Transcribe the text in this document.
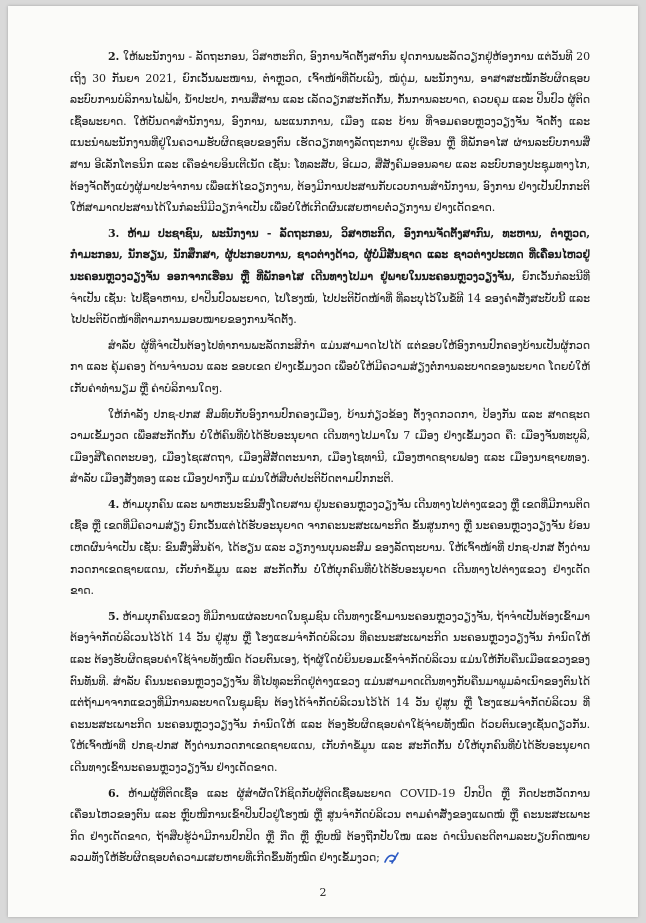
2. ໃຫ້ພະນັກງານ - ລັດຖະກອນ, ວິສາຫະກິດ, ອົງການຈັດຕັ້ງສາກົນ ຢຸດການພະລັດວຽກຢູ່ຫ້ອງການ ແຕ່ວັນທີ 20 ເຖິງ 30 ກັນຍາ 2021, ຍົກເວັ້ນພະໜານ, ຕຳຫຼວດ, ເຈົ້າໜ້າທີ່ດັບເພີງ, ໝໍດູ່ມ, ພະນັກງານ, ອາສາສະໝັກຮັບຜິດຊອບລະບົບການບໍລິການໄຟຟ້າ, ນ້ຳປະປາ, ການສື່ສານ ແລະ ເລັດວຽກສະກັດກັ້ນ, ກັ້ນການລະບາດ, ຄວບຄຸມ ແລະ ປິ່ນປົວ ຜູ້ຕິດເຊື້ອພະຍາດ. ໃຫ້ບັນດາສຳນັກງານ, ອົງການ, ພະແນກການ, ເມືອງ ແລະ ບ້ານ ທີ່ຈອມຄອບຫຼວງວຽງຈັນ ຈັດຕັ້ງ ແລະ ແນະນຳພະນັກງານທີ່ຢູ່ໃນຄວາມຮັບຜິດຊອບຂອງຕົນ ເຮັດວຽກທາງລັດຖະການ ຢູ່ເຮືອນ ຫຼື ທີ່ພັກອາໄສ ຜ່ານລະບົບການສື່ສານ ອີເລັກໂຕຣນິກ ແລະ ເຄືອຂ່າຍອິນເຕີເນັດ ເຊັ່ນ: ໂທລະສັບ, ອີເມວ, ສື່ສັງຄົມອອນລາຍ ແລະ ລະບົບກອງປະຊຸມທາງໄກ, ຕ້ອງຈັດຕັ້ງແບ່ງຜູ້ມາປະຈຳການ ເພື່ອແກ້ໄຂວຽກງານ, ຕ້ອງມີການປະສານກັບເວບການສຳນັກງານ, ອົງການ ຢ່າງເປັນປົກກະຕິ ໃຫ້ສາມາດປະສານໄດ້ໃນກໍລະນີມີວຽກຈຳເປັນ ເພື່ອບໍ່ໃຫ້ເກີດຜົນເສຍຫາຍຕໍ່ວຽກງານ ຢ່າງເດັດຂາດ.

3. ຫ້າມ ປະຊາຊົນ, ພະນັກງານ - ລັດຖະກອນ, ວິສາຫະກິດ, ອົງການຈັດຕັ້ງສາກົນ, ທະຫານ, ຕຳຫຼວດ, ກຳມະກອນ, ນັກຮຽນ, ນັກສຶກສາ, ຜູ້ປະກອບການ, ຊາວຕ່າງດ້າວ, ຜູ້ບໍ່ມີສັນຊາດ ແລະ ຊາວຕ່າງປະເທດ ທີ່ເຄື່ອນໄຫວຢູ່ນະຄອນຫຼວງວຽງຈັນ ອອກຈາກເຮືອນ ຫຼື ທີ່ພັກອາໄສ ເດີນທາງໄປມາ ຢູ່ພາຍໃນນະຄອນຫຼວງວຽງຈັນ, ຍົກເວັ້ນກໍລະນີທີ່ຈຳເປັນ ເຊັ່ນ: ໄປຊື້ອາຫານ, ຢາປິ່ນປົວພະຍາດ, ໄປໂຮງໝໍ, ໄປປະຕິບັດໜ້າທີ່ ທີ່ລະບຸໄວ້ໃນຂໍ້ທີ 14 ຂອງຄຳສັ່ງສະບັບນີ້ ແລະ ໄປປະຕິບັດໜ້າທີ່ຕາມການມອບໝາຍຂອງການຈັດຕັ້ງ.

ສຳລັບ ຜູ້ທີ່ຈຳເປັນຕ້ອງໄປທຳການພະລັດກະສິກຳ ແມ່ນສາມາດໄປໄດ້ ແຕ່ຂອບໃຫ້ອົງການປົກຄອງບ້ານເປັນຜູ້ກວດກາ ແລະ ຄຸ້ມຄອງ ດ້ານຈຳນວນ ແລະ ຂອບເຂດ ຢ່າງເຂັ້ມງວດ ເພື່ອບໍ່ໃຫ້ມີຄວາມສ່ຽງຕໍ່ການລະບາດຂອງພະຍາດ ໂດຍບໍ່ໃຫ້ເກັບຄ່າທຳນຽມ ຫຼື ຄ່າບໍລິການໃດໆ.

ໃຫ້ກຳລັງ ປກຊ-ປກສ ສົມທົບກັບອົງການປົກຄອງເມືອງ, ບ້ານກ່ຽວຂ້ອງ ຕັ້ງຈຸດກວດກາ, ປ້ອງກັນ ແລະ ສາດຊະດວາມເຂັ້ມງວດ ເພື່ອສະກັດກັ້ນ ບໍ່ໃຫ້ຄົນທີ່ບໍ່ໄດ້ຮັບອະນຸຍາດ ເດີນທາງໄປມາໃນ 7 ເມືອງ ຢ່າງເຂັ້ມງວດ ຄື: ເມືອງຈັນທະບູລີ, ເມືອງສີໂຄດຕະບອງ, ເມືອງໄຊເສດຖາ, ເມືອງສີສັດຕະນາກ, ເມືອງໄຊທານີ, ເມືອງຫາດຊາຍຟອງ ແລະ ເມືອງນາຊາຍທອງ. ສຳລັບ ເມືອງສັງທອງ ແລະ ເມືອງປາກງື່ມ ແມ່ນໃຫ້ສືບຕໍ່ປະຕິບັດຕາມປົກກະຕິ.

4. ຫ້າມບຸກຄົນ ແລະ ພາຫະນະຂົນສົ່ງໂດຍສານ ຢູ່ນະຄອນຫຼວງວຽງຈັນ ເດີນທາງໄປຕ່າງແຂວງ ຫຼື ເຂດທີ່ມີການຕິດເຊື້ອ ຫຼື ເຂດທີ່ມີຄວາມສ່ຽງ ຍົກເວັ້ນແຕ່ໄດ້ຮັບອະນຸຍາດ ຈາກຄະນະສະເພາະກິດ ຂັ້ນສູນກາງ ຫຼື ນະຄອນຫຼວງວຽງຈັນ ຍ້ອນເຫດຜົນຈຳເປັນ ເຊັ່ນ: ຂົນສົ່ງສິນຄ້າ, ໄດ້ຮຽນ ແລະ ວຽກງານບຸນລະສົມ ຂອງລັດຖະບານ. ໃຫ້ເຈົ້າໜ້າທີ່ ປກຊ-ປກສ ຕັ້ງດ່ານກວດກາເຂດຊາຍແດນ, ເກັບກຳຂໍ້ມູນ ແລະ ສະກັດກັ້ນ ບໍ່ໃຫ້ບຸກຄົນທີ່ບໍ່ໄດ້ຮັບອະນຸຍາດ ເດີນທາງໄປຕ່າງແຂວງ ຢ່າງເດັດຂາດ.

5. ຫ້າມບຸກຄົນແຂວງ ທີ່ມີການແຜ່ລະບາດໃນຊຸມຊົນ ເດີນທາງເຂົ້າມານະຄອນຫຼວງວຽງຈັນ, ຖ້າຈຳເປັນຕ້ອງເຂົ້າມາ ຕ້ອງຈຳກັດບໍລິເວນໄວ້ໄດ້ 14 ວັນ ຢູ່ສູນ ຫຼື ໂຮງແຮມຈຳກັດບໍລິເວນ ທີ່ຄະນະສະເພາະກິດ ນະຄອນຫຼວງວຽງຈັນ ກຳນົດໃຫ້ ແລະ ຕ້ອງຮັບຜິດຊອບຄ່າໃຊ້ຈ່າຍທັງໝົດ ດ້ວຍຕົນເອງ, ຖ້າຜູ້ໃດບໍ່ຍິນຍອມເຂົ້າຈຳກັດບໍລິເວນ ແມ່ນໃຫ້ກັບຄືນເມືອແຂວງຂອງຕົນທັນທີ. ສຳລັບ ຄົນນະຄອນຫຼວງວຽງຈັນ ທີ່ໄປທຸລະກິດຢູ່ຕ່າງແຂວງ ແມ່ນສາມາດເດີນທາງກັບຄືນມາພູມລຳເນົາຂອງຕົນໄດ້ ແຕ່ຖ້າມາຈາກແຂວງທີ່ມີການລະບາດໃນຊຸມຊົນ ຕ້ອງໄດ້ຈຳກັດບໍລິເວນໄວ້ໄດ້ 14 ວັນ ຢູ່ສູນ ຫຼື ໂຮງແຮມຈຳກັດບໍລິເວນ ທີ່ຄະນະສະເພາະກິດ ນະຄອນຫຼວງວຽງຈັນ ກຳນົດໃຫ້ ແລະ ຕ້ອງຮັບຜິດຊອບຄ່າໃຊ້ຈ່າຍທັງໝົດ ດ້ວຍຕົນເອງເຊັ່ນດຽວກັນ. ໃຫ້ເຈົ້າໜ້າທີ່ ປກຊ-ປກສ ຕັ້ງດ່ານກວດກາເຂດຊາຍແດນ, ເກັບກຳຂໍ້ມູນ ແລະ ສະກັດກັ້ນ ບໍ່ໃຫ້ບຸກຄົນທີ່ບໍ່ໄດ້ຮັບອະນຸຍາດ ເດີນທາງເຂົ້ານະຄອນຫຼວງວຽງຈັນ ຢ່າງເດັດຂາດ.

6. ຫ້າມຜູ້ທີ່ຕິດເຊື້ອ ແລະ ຜູ້ສຳຜັດໃກ້ຊິດກັບຜູ້ຕິດເຊື້ອພະຍາດ COVID-19 ປົກປິດ ຫຼື ກືດປະຫວັດການເຄື່ອນໄຫວຂອງຕົນ ແລະ ຫຼົບໜີການເຂົ້າປິ່ນປົວຢູ່ໂຮງໝໍ ຫຼື ສູນຈຳກັດບໍລິເວນ ຕາມຄຳສັ່ງຂອງແພດໝໍ ຫຼື ຄະນະສະເພາະກິດ ຢ່າງເດັດຂາດ, ຖ້າສືບຮູ້ວ່າມີການປົກປິດ ຫຼື ກືດ ຫຼື ຫຼົບໜີ ຕ້ອງຖືກປັບໃໝ ແລະ ດຳເນີນຄະດີຕາມລະບຽບກົດໝາຍ ລວມທັງໃຫ້ຮັບຜິດຊອບຕໍ່ຄວາມເສຍຫາຍທີ່ເກີດຂຶ້ນທັງໝົດ ຢ່າງເຂັ້ມງວດ;

2
